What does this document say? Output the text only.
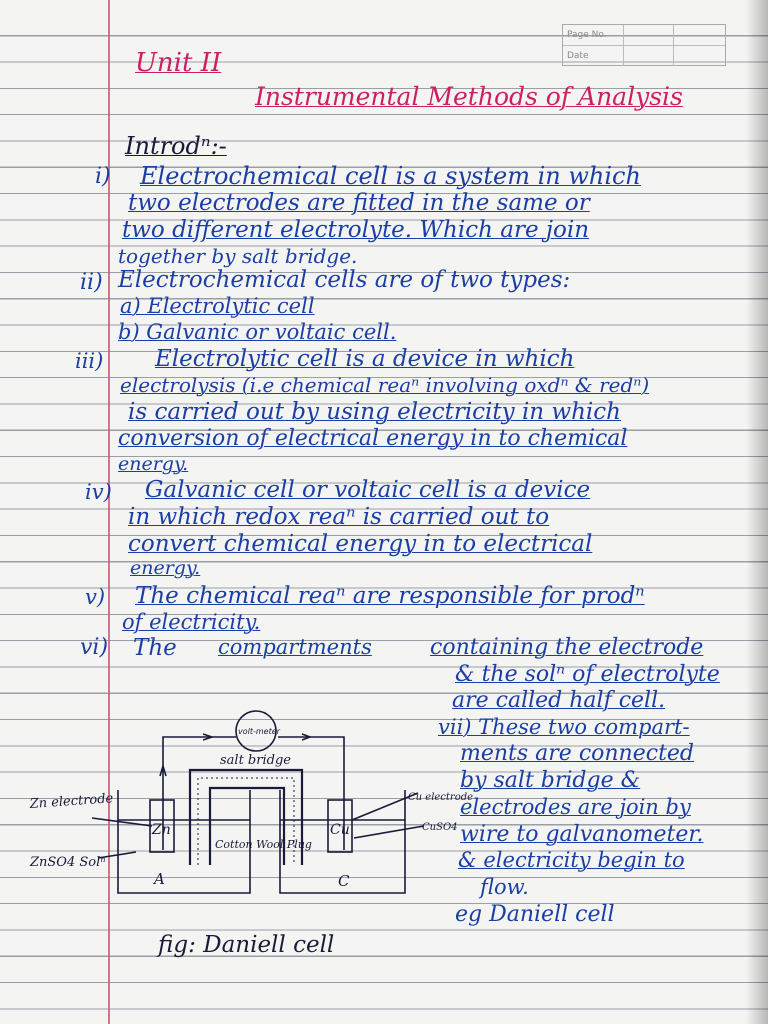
Page No.
Date
Unit II
Instrumental Methods of Analysis
Introdⁿ:-
i) Electrochemical cell is a system in which
two electrodes are fitted in the same or
two different electrolyte. Which are join
together by salt bridge.
ii) Electrochemical cells are of two types:
a) Electrolytic cell
b) Galvanic or voltaic cell.
iii) Electrolytic cell is a device in which
electrolysis (i.e chemical reaⁿ involving oxdⁿ & redⁿ)
is carried out by using electricity in which
conversion of electrical energy in to chemical
energy.
iv) Galvanic cell or voltaic cell is a device
in which redox reaⁿ is carried out to
convert chemical energy in to electrical
energy.
v) The chemical reaⁿ are responsible for prodⁿ
of electricity.
vi) The compartments	containing the electrode
& the solⁿ of electrolyte
are called half cell.
vii) These two compart-
ments are connected
by salt bridge &
electrodes are join by
wire to galvanometer.
& electricity begin to
flow.
eg Daniell cell
volt-meter
salt bridge
Zn electrode
Zn
Cotton Wool Plug
Cu
Cu electrode
CuSO4
ZnSO4 Solⁿ
A	C
fig: Daniell cell
